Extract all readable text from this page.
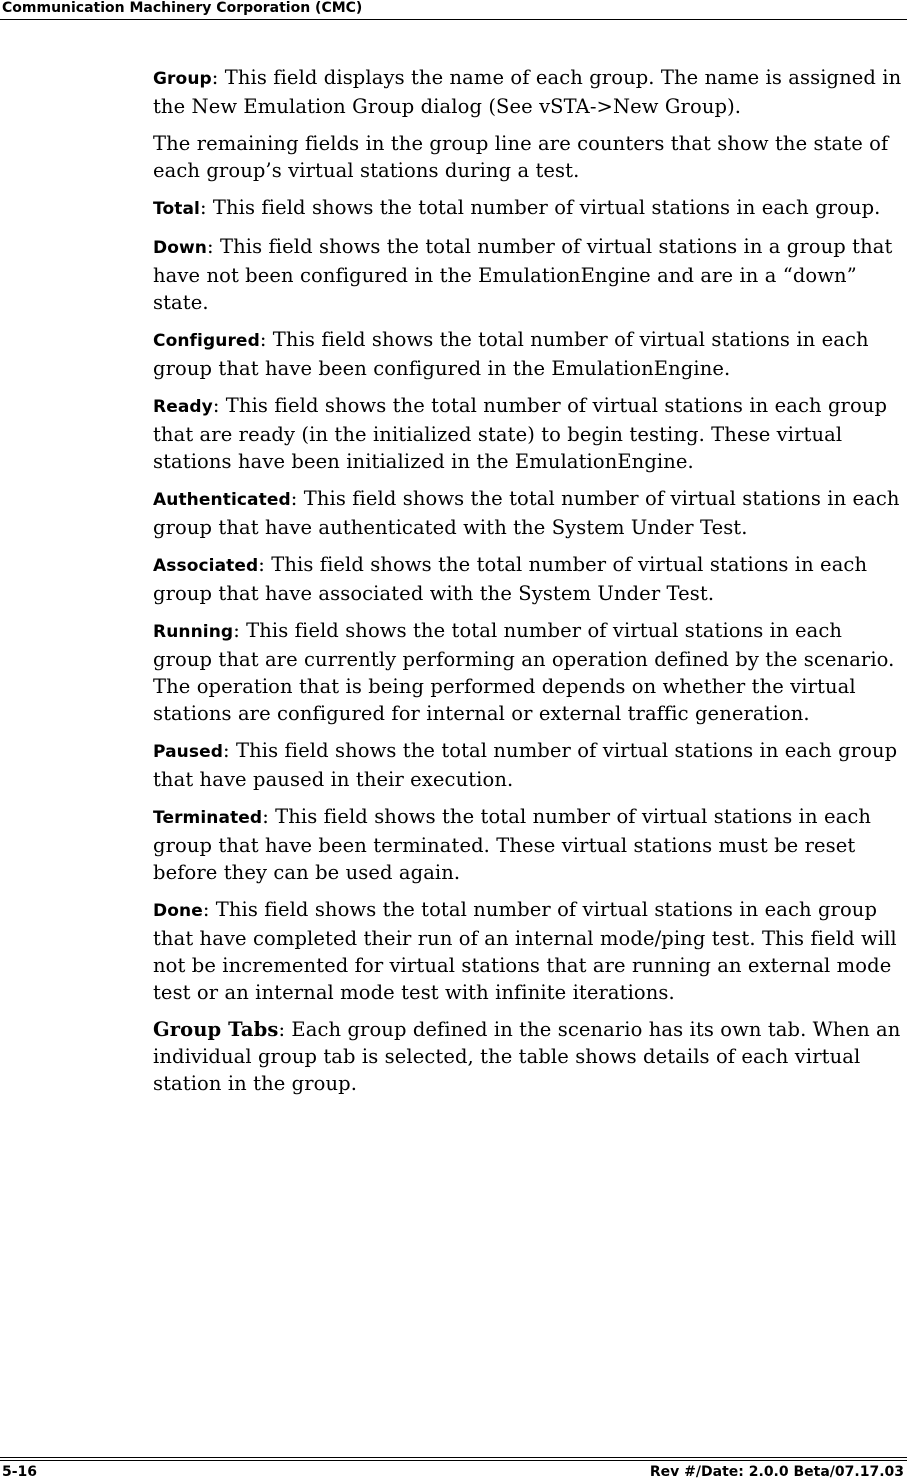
Communication Machinery Corporation (CMC)

Group: This field displays the name of each group. The name is assigned in the New Emulation Group dialog (See vSTA->New Group).

The remaining fields in the group line are counters that show the state of each group’s virtual stations during a test.

Total: This field shows the total number of virtual stations in each group.

Down: This field shows the total number of virtual stations in a group that have not been configured in the EmulationEngine and are in a “down” state.

Configured: This field shows the total number of virtual stations in each group that have been configured in the EmulationEngine.

Ready: This field shows the total number of virtual stations in each group that are ready (in the initialized state) to begin testing. These virtual stations have been initialized in the EmulationEngine.

Authenticated: This field shows the total number of virtual stations in each group that have authenticated with the System Under Test.

Associated: This field shows the total number of virtual stations in each group that have associated with the System Under Test.

Running: This field shows the total number of virtual stations in each group that are currently performing an operation defined by the scenario. The operation that is being performed depends on whether the virtual stations are configured for internal or external traffic generation.

Paused: This field shows the total number of virtual stations in each group that have paused in their execution.

Terminated: This field shows the total number of virtual stations in each group that have been terminated. These virtual stations must be reset before they can be used again.

Done: This field shows the total number of virtual stations in each group that have completed their run of an internal mode/ping test. This field will not be incremented for virtual stations that are running an external mode test or an internal mode test with infinite iterations.

Group Tabs: Each group defined in the scenario has its own tab. When an individual group tab is selected, the table shows details of each virtual station in the group.

5-16	Rev #/Date: 2.0.0 Beta/07.17.03
